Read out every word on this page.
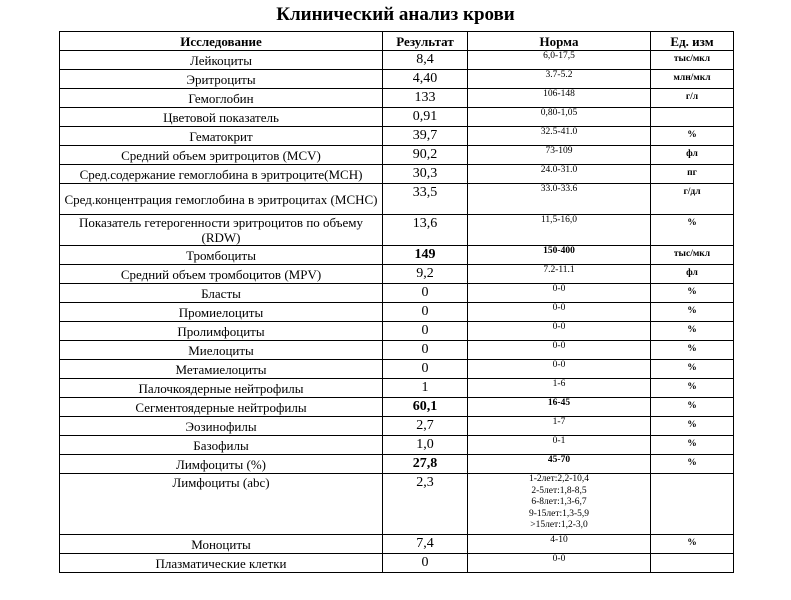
Клинический анализ крови
Исследование	Результат	Норма	Ед. изм
Лейкоциты	8,4	6,0-17,5	тыс/мкл
Эритроциты	4,40	3.7-5.2	млн/мкл
Гемоглобин	133	106-148	г/л
Цветовой показатель	0,91	0,80-1,05	

Гематокрит	39,7	32.5-41.0	%
Средний объем эритроцитов (MCV)	90,2	73-109	фл
Сред.содержание гемоглобина в эритроците(MCH)	30,3	24.0-31.0	пг
Сред.концентрация гемоглобина в эритроцитах (MCHC)	33,5	33.0-33.6	г/дл
Показатель гетерогенности эритроцитов по объему (RDW)	13,6	11,5-16,0	%
Тромбоциты	149	150-400	тыс/мкл
Средний объем тромбоцитов (MPV)	9,2	7.2-11.1	фл
Бласты	0	0-0	%
Промиелоциты	0	0-0	%
Пролимфоциты	0	0-0	%
Миелоциты	0	0-0	%
Метамиелоциты	0	0-0	%
Палочкоядерные нейтрофилы	1	1-6	%
Сегментоядерные нейтрофилы	60,1	16-45	%
Эозинофилы	2,7	1-7	%
Базофилы	1,0	0-1	%
Лимфоциты (%)	27,8	45-70	%
Лимфоциты (abc)	2,3	1-2лет:2,2-10,4
2-5лет:1,8-8,5
6-8лет:1,3-6,7
9-15лет:1,3-5,9
>15лет:1,2-3,0	

Моноциты	7,4	4-10	%
Плазматические клетки	0	0-0	
